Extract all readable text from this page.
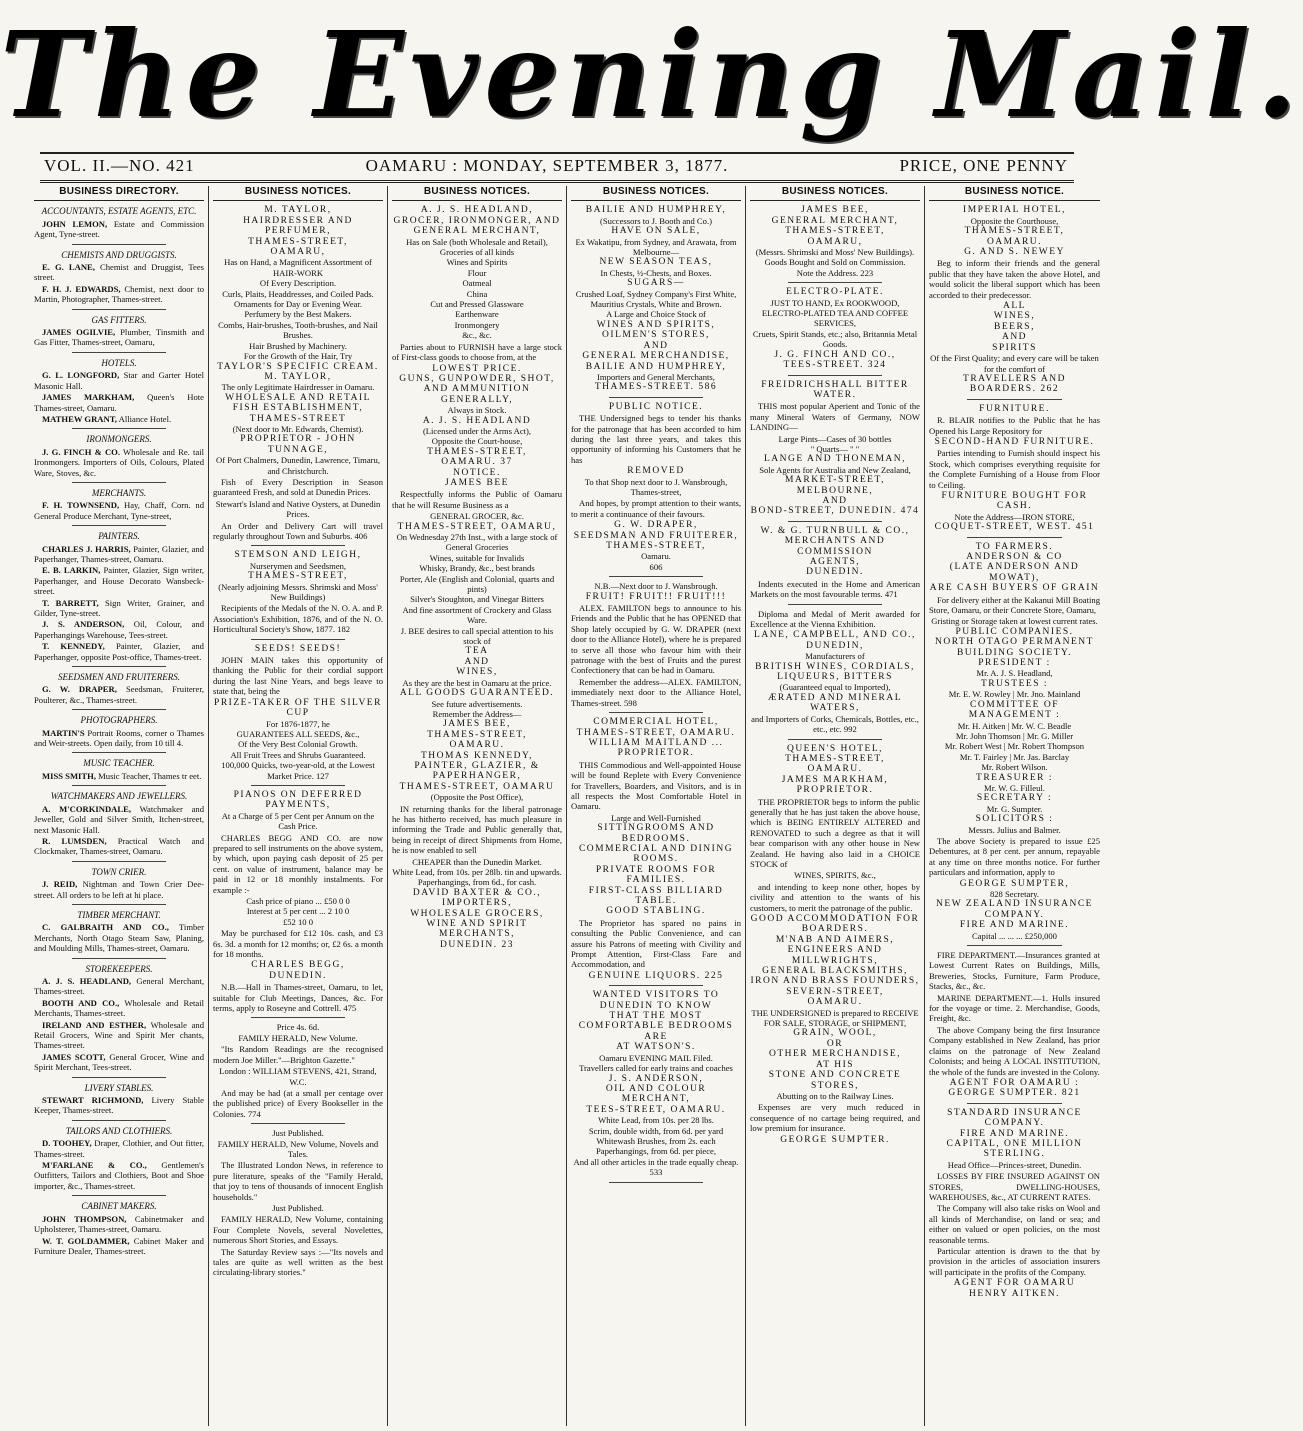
The Evening Mail.
VOL. II.—NO. 421	OAMARU : MONDAY, SEPTEMBER 3, 1877.	PRICE, ONE PENNY
BUSINESS DIRECTORY.
ACCOUNTANTS, ESTATE AGENTS, ETC.
JOHN LEMON, Estate and Commission Agent, Tyne-street.
CHEMISTS AND DRUGGISTS.
E. G. LANE, Chemist and Druggist, Tees street.
F. H. J. EDWARDS, Chemist, next door to Martin, Photographer, Thames-street.
GAS FITTERS.
JAMES OGILVIE, Plumber, Tinsmith and Gas Fitter, Thames-street, Oamaru,
HOTELS.
G. L. LONGFORD, Star and Garter Hotel Masonic Hall.
JAMES MARKHAM, Queen's Hote Thames-street, Oamaru.
MATHEW GRANT, Alliance Hotel.
IRONMONGERS.
J. G. FINCH & CO. Wholesale and Re. tail Ironmongers. Importers of Oils, Colours, Plated Ware, Stoves, &c.
MERCHANTS.
F. H. TOWNSEND, Hay, Chaff, Corn. nd General Produce Merchant, Tyne-street,
PAINTERS.
CHARLES J. HARRIS, Painter, Glazier, and Paperhanger, Thames-street, Oamaru.
E. B. LARKIN, Painter, Glazier, Sign writer, Paperhanger, and House Decorato Wansbeck-street.
T. BARRETT, Sign Writer, Grainer, and Gilder, Tyne-street.
J. S. ANDERSON, Oil, Colour, and Paperhangings Warehouse, Tees-street.
T. KENNEDY, Painter, Glazier, and Paperhanger, opposite Post-office, Thames-treet.
SEEDSMEN AND FRUITERERS.
G. W. DRAPER, Seedsman, Fruiterer, Poulterer, &c., Thames-street.
PHOTOGRAPHERS.
MARTIN'S Portrait Rooms, corner o Thames and Weir-streets. Open daily, from 10 till 4.
MUSIC TEACHER.
MISS SMITH, Music Teacher, Thames tr eet.
WATCHMAKERS AND JEWELLERS.
A. M'CORKINDALE, Watchmaker and Jeweller, Gold and Silver Smith, Itchen-street, next Masonic Hall.
R. LUMSDEN, Practical Watch and Clockmaker, Thames-street, Oamaru.
TOWN CRIER.
J. REID, Nightman and Town Crier Dee-street. All orders to be left at hi place.
TIMBER MERCHANT.
C. GALBRAITH AND CO., Timber Merchants, North Otago Steam Saw, Planing, and Moulding Mills, Thames-street, Oamaru.
STOREKEEPERS.
A. J. S. HEADLAND, General Merchant, Thames-street.
BOOTH AND CO., Wholesale and Retail Merchants, Thames-street.
IRELAND AND ESTHER, Wholesale and Retail Grocers, Wine and Spirit Mer chants, Thames-street.
JAMES SCOTT, General Grocer, Wine and Spirit Merchant, Tees-street.
LIVERY STABLES.
STEWART RICHMOND, Livery Stable Keeper, Thames-street.
TAILORS AND CLOTHIERS.
D. TOOHEY, Draper, Clothier, and Out fitter, Thames-street.
M'FARLANE & CO., Gentlemen's Outfitters, Tailors and Clothiers, Boot and Shoe importer, &c., Thames-street.
CABINET MAKERS.
JOHN THOMPSON, Cabinetmaker and Upholsterer, Thames-street, Oamaru.
W. T. GOLDAMMER, Cabinet Maker and Furniture Dealer, Thames-street.
BUSINESS NOTICES.
M. TAYLOR,
HAIRDRESSER AND PERFUMER,
THAMES-STREET,
OAMARU,
Has on Hand, a Magnificent Assortment of HAIR-WORK
Of Every Description.
Curls, Plaits, Headdresses, and Coiled Pads.
Ornaments for Day or Evening Wear.
Perfumery by the Best Makers.
Combs, Hair-brushes, Tooth-brushes, and Nail Brushes.
Hair Brushed by Machinery.
For the Growth of the Hair, Try
TAYLOR'S SPECIFIC CREAM.
M. TAYLOR,
The only Legitimate Hairdresser in Oamaru.
WHOLESALE AND RETAIL FISH ESTABLISHMENT,
THAMES-STREET
(Next door to Mr. Edwards, Chemist).
PROPRIETOR - JOHN TUNNAGE,
Of Port Chalmers, Dunedin, Lawrence, Timaru, and Christchurch.
Fish of Every Description in Season guaranteed Fresh, and sold at Dunedin Prices.
Stewart's Island and Native Oysters, at Dunedin Prices.
An Order and Delivery Cart will travel regularly throughout Town and Suburbs. 406
STEMSON AND LEIGH,
Nurserymen and Seedsmen,
THAMES-STREET,
(Nearly adjoining Messrs. Shrimski and Moss' New Buildings)
Recipients of the Medals of the N. O. A. and P. Association's Exhibition, 1876, and of the N. O. Horticultural Society's Show, 1877. 182
SEEDS! SEEDS!
JOHN MAIN takes this opportunity of thanking the Public for their cordial support during the last Nine Years, and begs leave to state that, being the
PRIZE-TAKER OF THE SILVER CUP
For 1876-1877, he
GUARANTEES ALL SEEDS, &c.,
Of the Very Best Colonial Growth.
All Fruit Trees and Shrubs Guaranteed.
100,000 Quicks, two-year-old, at the Lowest Market Price. 127
PIANOS ON DEFERRED PAYMENTS,
At a Charge of 5 per Cent per Annum on the Cash Price.
CHARLES BEGG AND CO. are now prepared to sell instruments on the above system, by which, upon paying cash deposit of 25 per cent. on value of instrument, balance may be paid in 12 or 18 monthly instalments. For example :-
Cash price of piano ... £50 0 0
Interest at 5 per cent ... 2 10 0
£52 10 0
May be purchased for £12 10s. cash, and £3 6s. 3d. a month for 12 months; or, £2 6s. a month for 18 months.
CHARLES BEGG,
DUNEDIN.
N.B.—Hall in Thames-street, Oamaru, to let, suitable for Club Meetings, Dances, &c. For terms, apply to Roseyne and Cottrell. 475
Price 4s. 6d.
FAMILY HERALD, New Volume.
"Its Random Readings are the recognised modern Joe Miller."—Brighton Gazette."
London : WILLIAM STEVENS, 421, Strand, W.C.
And may be had (at a small per centage over the published price) of Every Bookseller in the Colonies. 774
Just Published.
FAMILY HERALD, New Volume, Novels and Tales.
The Illustrated London News, in reference to pure literature, speaks of the "Family Herald, that joy to tens of thousands of innocent English households."
Just Published.
FAMILY HERALD, New Volume, containing Four Complete Novels, several Novelettes, numerous Short Stories, and Essays.
The Saturday Review says :—"Its novels and tales are quite as well written as the best circulating-library stories."
BUSINESS NOTICES.
A. J. S. HEADLAND,
GROCER, IRONMONGER, AND
GENERAL MERCHANT,
Has on Sale (both Wholesale and Retail),
Groceries of all kinds
Wines and Spirits
Flour
Oatmeal
China
Cut and Pressed Glassware
Earthenware
Ironmongery
&c., &c.
Parties about to FURNISH have a large stock of First-class goods to choose from, at the
LOWEST PRICE.
GUNS, GUNPOWDER, SHOT, AND AMMUNITION GENERALLY,
Always in Stock.
A. J. S. HEADLAND
(Licensed under the Arms Act),
Opposite the Court-house,
THAMES-STREET,
OAMARU. 37
NOTICE.
JAMES BEE
Respectfully informs the Public of Oamaru that he will Resume Business as a
GENERAL GROCER, &c.
THAMES-STREET, OAMARU,
On Wednesday 27th Inst., with a large stock of
General Groceries
Wines, suitable for Invalids
Whisky, Brandy, &c., best brands
Porter, Ale (English and Colonial, quarts and pints)
Silver's Stoughton, and Vinegar Bitters
And fine assortment of Crockery and Glass Ware.
J. BEE desires to call special attention to his stock of
TEA
AND
WINES,
As they are the best in Oamaru at the price.
ALL GOODS GUARANTEED.
See future advertisements.
Remember the Address—
JAMES BEE,
THAMES-STREET,
OAMARU.
THOMAS KENNEDY,
PAINTER, GLAZIER, & PAPERHANGER,
THAMES-STREET, OAMARU
(Opposite the Post Office),
IN returning thanks for the liberal patronage he has hitherto received, has much pleasure in informing the Trade and Public generally that, being in receipt of direct Shipments from Home, he is now enabled to sell
CHEAPER than the Dunedin Market.
White Lead, from 10s. per 28lb. tin and upwards.
Paperhangings, from 6d., for cash.
DAVID BAXTER & CO.,
IMPORTERS,
WHOLESALE GROCERS,
WINE AND SPIRIT MERCHANTS,
DUNEDIN. 23
BUSINESS NOTICES.
BAILIE AND HUMPHREY,
(Successors to J. Booth and Co.)
HAVE ON SALE,
Ex Wakatipu, from Sydney, and Arawata, from Melbourne—
NEW SEASON TEAS,
In Chests, ½-Chests, and Boxes.
SUGARS—
Crushed Loaf, Sydney Company's First White,
Mauritius Crystals, White and Brown.
A Large and Choice Stock of
WINES AND SPIRITS,
OILMEN'S STORES,
AND
GENERAL MERCHANDISE,
BAILIE AND HUMPHREY,
Importers and General Merchants,
THAMES-STREET. 586
PUBLIC NOTICE.
THE Undersigned begs to tender his thanks for the patronage that has been accorded to him during the last three years, and takes this opportunity of informing his Customers that he has
REMOVED
To that Shop next door to J. Wansbrough, Thames-street,
And hopes, by prompt attention to their wants, to merit a continuance of their favours.
G. W. DRAPER,
SEEDSMAN AND FRUITERER,
THAMES-STREET,
Oamaru.
606
N.B.—Next door to J. Wansbrough.
FRUIT! FRUIT!! FRUIT!!!
ALEX. FAMILTON begs to announce to his Friends and the Public that he has OPENED that Shop lately occupied by G. W. DRAPER (next door to the Alliance Hotel), where he is prepared to serve all those who favour him with their patronage with the best of Fruits and the purest Confectionery that can be had in Oamaru.
Remember the address—ALEX. FAMILTON, immediately next door to the Alliance Hotel, Thames-street. 598
COMMERCIAL HOTEL,
THAMES-STREET, OAMARU.
WILLIAM MAITLAND ... PROPRIETOR.
THIS Commodious and Well-appointed House will be found Replete with Every Convenience for Travellers, Boarders, and Visitors, and is in all respects the Most Comfortable Hotel in Oamaru.
Large and Well-Furnished
SITTINGROOMS AND BEDROOMS.
COMMERCIAL AND DINING ROOMS.
PRIVATE ROOMS FOR FAMILIES.
FIRST-CLASS BILLIARD TABLE.
GOOD STABLING.
The Proprietor has spared no pains in consulting the Public Convenience, and can assure his Patrons of meeting with Civility and Prompt Attention, First-Class Fare and Accommodation, and
GENUINE LIQUORS. 225
WANTED VISITORS TO DUNEDIN TO KNOW
THAT THE MOST
COMFORTABLE BEDROOMS
ARE
AT WATSON'S.
Oamaru EVENING MAIL Filed.
Travellers called for early trains and coaches
J. S. ANDERSON,
OIL AND COLOUR MERCHANT,
TEES-STREET, OAMARU.
White Lead, from 10s. per 28 lbs.
Scrim, double width, from 6d. per yard
Whitewash Brushes, from 2s. each
Paperhangings, from 6d. per piece,
And all other articles in the trade equally cheap. 533
BUSINESS NOTICES.
JAMES BEE,
GENERAL MERCHANT,
THAMES-STREET,
OAMARU,
(Messrs. Shrimski and Moss' New Buildings).
Goods Bought and Sold on Commission.
Note the Address. 223
ELECTRO-PLATE.
JUST TO HAND, Ex ROOKWOOD, ELECTRO-PLATED TEA AND COFFEE SERVICES,
Cruets, Spirit Stands, etc.; also, Britannia Metal Goods.
J. G. FINCH AND CO.,
TEES-STREET. 324
FREIDRICHSHALL BITTER WATER.
THIS most popular Aperient and Tonic of the many Mineral Waters of Germany, NOW LANDING—
Large Pints—Cases of 30 bottles
" Quarts— " "
LANGE AND THONEMAN,
Sole Agents for Australia and New Zealand,
MARKET-STREET, MELBOURNE,
AND
BOND-STREET, DUNEDIN. 474
W. & G. TURNBULL & CO.,
MERCHANTS AND COMMISSION
AGENTS,
DUNEDIN.
Indents executed in the Home and American Markets on the most favourable terms. 471
Diploma and Medal of Merit awarded for Excellence at the Vienna Exhibition.
LANE, CAMPBELL, AND CO.,
DUNEDIN,
Manufacturers of
BRITISH WINES, CORDIALS,
LIQUEURS, BITTERS
(Guaranteed equal to Imported),
ÆRATED AND MINERAL WATERS,
and Importers of Corks, Chemicals, Bottles, etc., etc., etc. 992
QUEEN'S HOTEL,
THAMES-STREET,
OAMARU.
JAMES MARKHAM,
PROPRIETOR.
THE PROPRIETOR begs to inform the public generally that he has just taken the above house, which is BEING ENTIRELY ALTERED and RENOVATED to such a degree as that it will bear comparison with any other house in New Zealand. He having also laid in a CHOICE STOCK of
WINES, SPIRITS, &c.,
and intending to keep none other, hopes by civility and attention to the wants of his customers, to merit the patronage of the public.
GOOD ACCOMMODATION FOR BOARDERS.
M'NAB AND AIMERS,
ENGINEERS AND MILLWRIGHTS,
GENERAL BLACKSMITHS,
IRON AND BRASS FOUNDERS,
SEVERN-STREET,
OAMARU.
THE UNDERSIGNED is prepared to RECEIVE
FOR SALE, STORAGE, or SHIPMENT,
GRAIN, WOOL,
OR
OTHER MERCHANDISE,
AT HIS
STONE AND CONCRETE STORES,
Abutting on to the Railway Lines.
Expenses are very much reduced in consequence of no cartage being required, and low premium for insurance.
GEORGE SUMPTER.
BUSINESS NOTICE.
IMPERIAL HOTEL,
Opposite the Courthouse,
THAMES-STREET,
OAMARU.
G. AND S. NEWEY
Beg to inform their friends and the general public that they have taken the above Hotel, and would solicit the liberal support which has been accorded to their predecessor.
ALL
WINES,
BEERS,
AND
SPIRITS
Of the First Quality; and every care will be taken for the comfort of
TRAVELLERS AND BOARDERS. 262
FURNITURE.
R. BLAIR notifies to the Public that he has Opened his Large Repository for
SECOND-HAND FURNITURE.
Parties intending to Furnish should inspect his Stock, which comprises everything requisite for the Complete Furnishing of a House from Floor to Ceiling.
FURNITURE BOUGHT FOR CASH.
Note the Address—IRON STORE,
COQUET-STREET, WEST. 451
TO FARMERS.
ANDERSON & CO
(LATE ANDERSON AND MOWAT),
ARE CASH BUYERS OF GRAIN
For delivery either at the Kakanui Mill Boating Store, Oamaru, or their Concrete Store, Oamaru,
Gristing or Storage taken at lowest current rates.
PUBLIC COMPANIES.
NORTH OTAGO PERMANENT BUILDING SOCIETY.
PRESIDENT :
Mr. A. J. S. Headland,
TRUSTEES :
Mr. E. W. Rowley | Mr. Jno. Mainland
COMMITTEE OF MANAGEMENT :
Mr. H. Aitken | Mr. W. C. Beadle
Mr. John Thomson | Mr. G. Miller
Mr. Robert West | Mr. Robert Thompson
Mr. T. Fairley | Mr. Jas. Barclay
Mr. Robert Wilson.
TREASURER :
Mr. W. G. Filleul.
SECRETARY :
Mr. G. Sumpter.
SOLICITORS :
Messrs. Julius and Balmer.
The above Society is prepared to issue £25 Debentures, at 8 per cent. per annum, repayable at any time on three months notice. For further particulars and information, apply to
GEORGE SUMPTER,
828 Secretary.
NEW ZEALAND INSURANCE COMPANY.
FIRE AND MARINE.
Capital ... ... ... £250,000
FIRE DEPARTMENT.—Insurances granted at Lowest Current Rates on Buildings, Mills, Breweries, Stocks, Furniture, Farm Produce, Stacks, &c., &c.
MARINE DEPARTMENT.—1. Hulls insured for the voyage or time. 2. Merchandise, Goods, Freight, &c.
The above Company being the first Insurance Company established in New Zealand, has prior claims on the patronage of New Zealand Colonists; and being A LOCAL INSTITUTION, the whole of the funds are invested in the Colony.
AGENT FOR OAMARU :
GEORGE SUMPTER. 821
STANDARD INSURANCE COMPANY.
FIRE AND MARINE.
CAPITAL, ONE MILLION STERLING.
Head Office—Princes-street, Dunedin.
LOSSES BY FIRE INSURED AGAINST ON STORES, DWELLING-HOUSES, WAREHOUSES, &c., AT CURRENT RATES.
The Company will also take risks on Wool and all kinds of Merchandise, on land or sea; and either on valued or open policies, on the most reasonable terms.
Particular attention is drawn to the that by provision in the articles of association insurers will participate in the profits of the Company.
AGENT FOR OAMARU
HENRY AITKEN.
